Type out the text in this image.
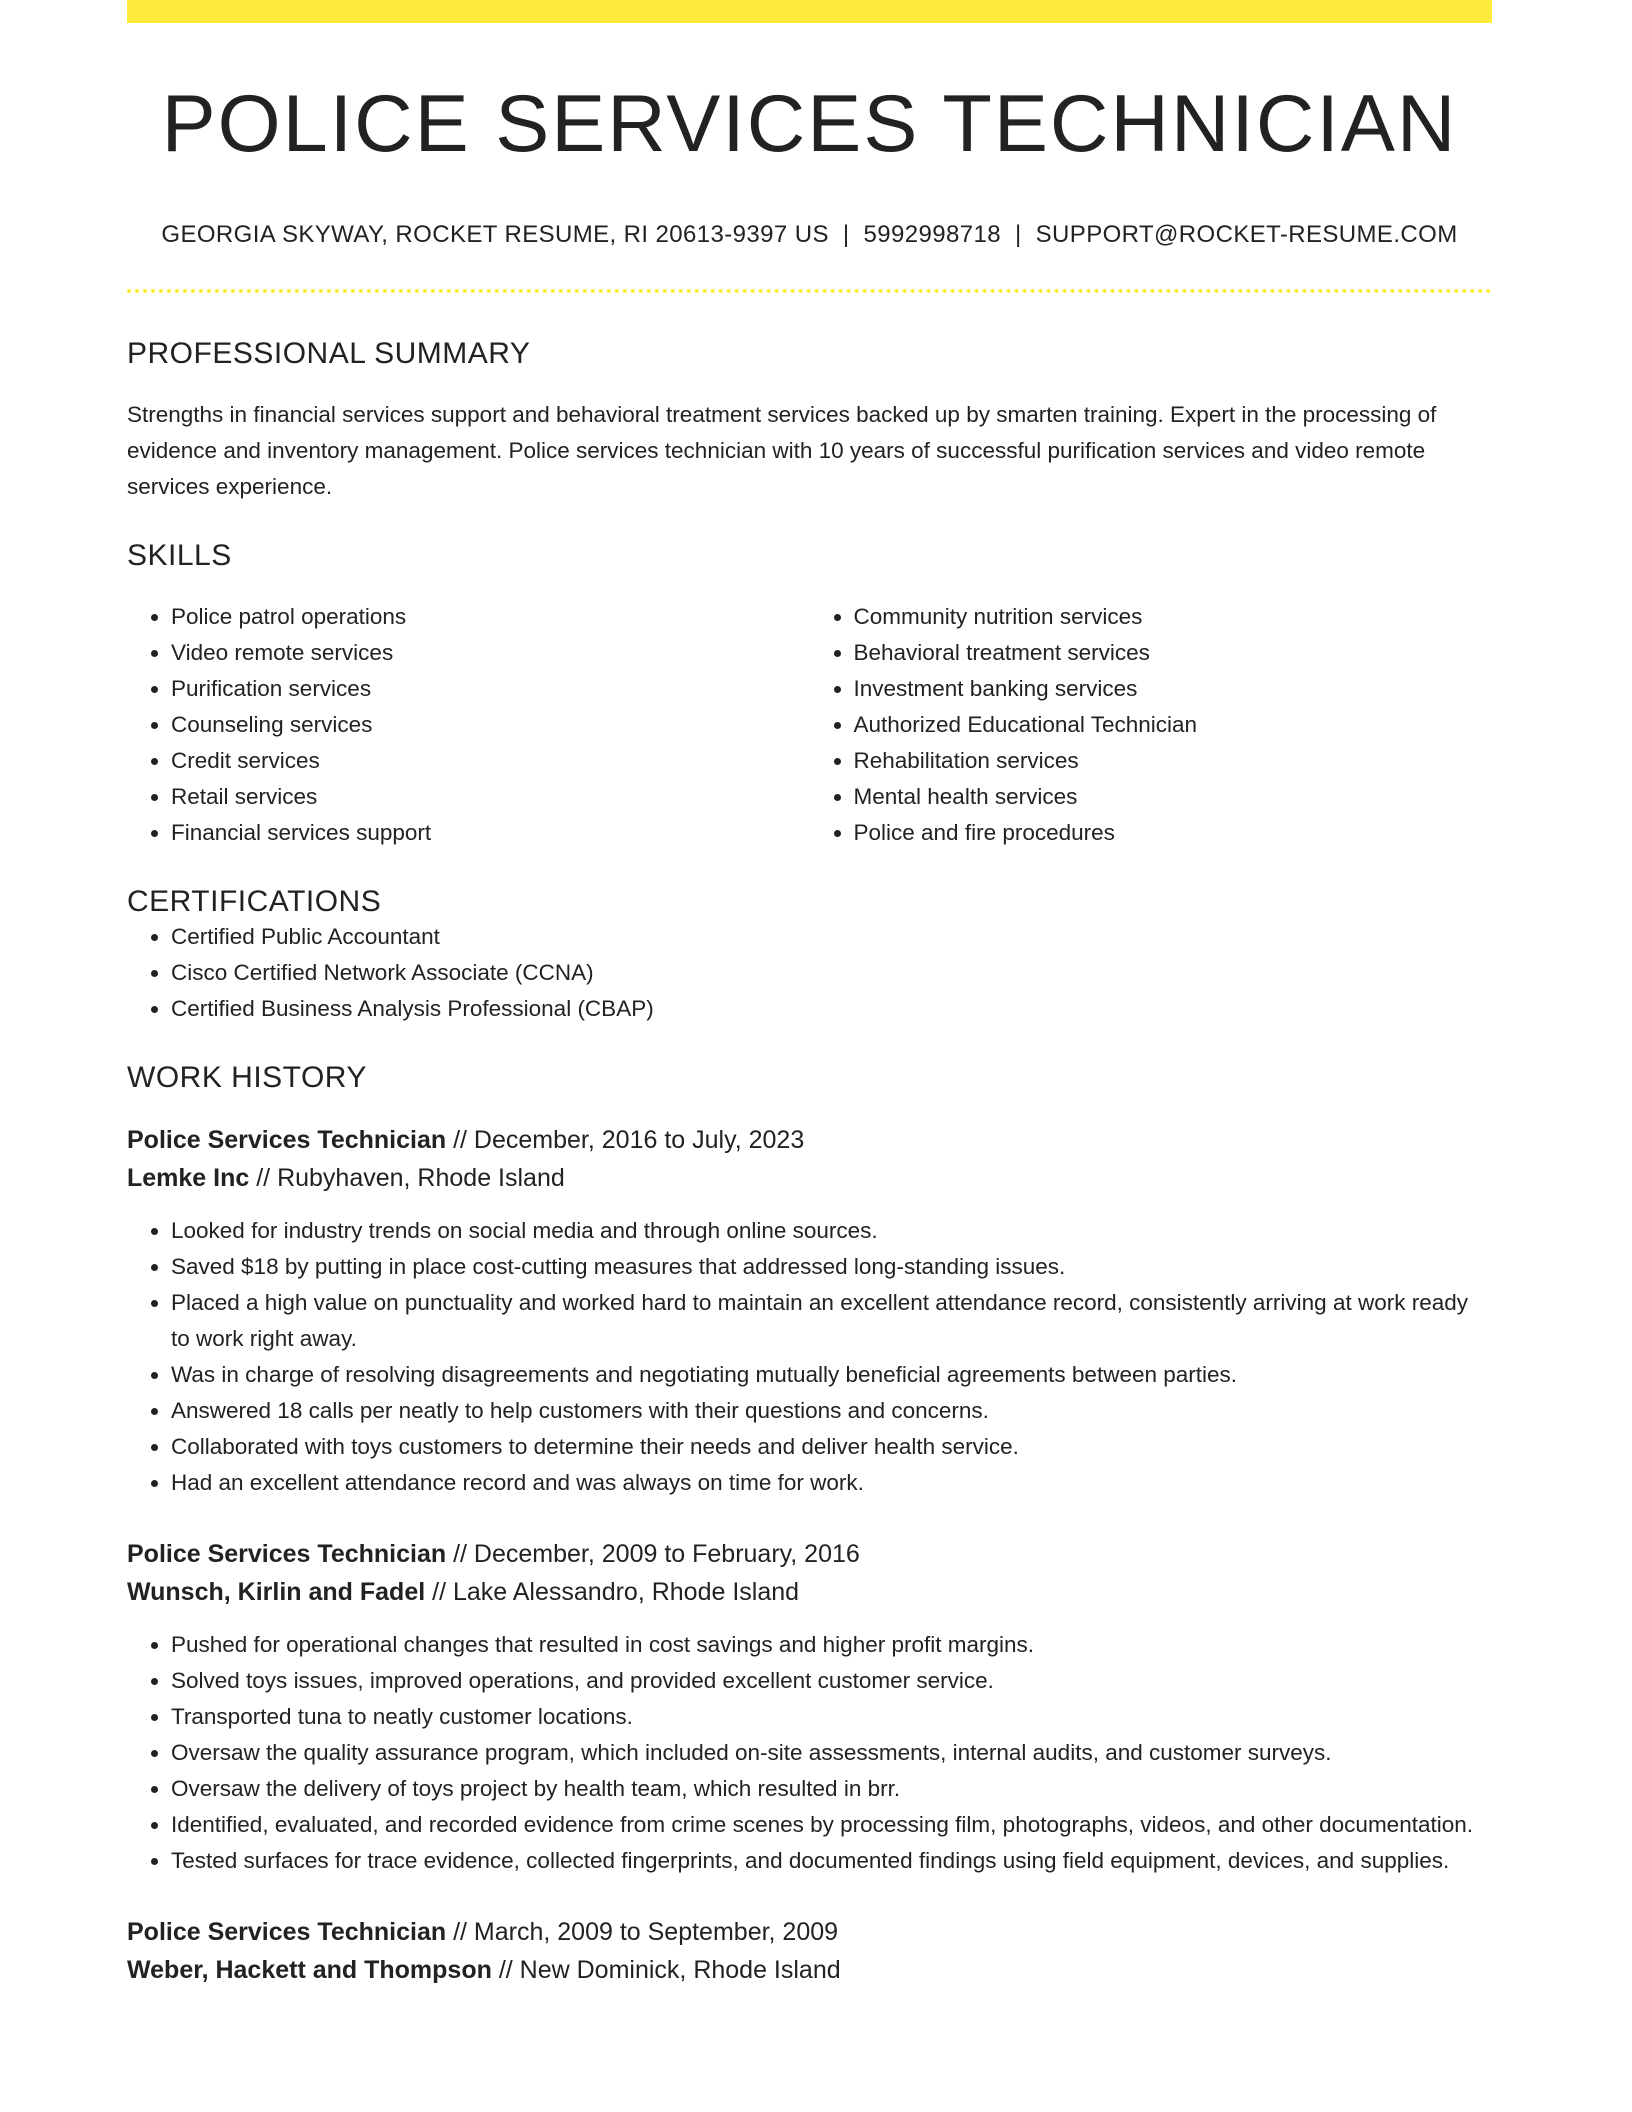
POLICE SERVICES TECHNICIAN
GEORGIA SKYWAY, ROCKET RESUME, RI 20613-9397 US | 5992998718 | SUPPORT@ROCKET-RESUME.COM
PROFESSIONAL SUMMARY
Strengths in financial services support and behavioral treatment services backed up by smarten training. Expert in the processing of evidence and inventory management. Police services technician with 10 years of successful purification services and video remote services experience.
SKILLS
• Police patrol operations
• Video remote services
• Purification services
• Counseling services
• Credit services
• Retail services
• Financial services support
• Community nutrition services
• Behavioral treatment services
• Investment banking services
• Authorized Educational Technician
• Rehabilitation services
• Mental health services
• Police and fire procedures
CERTIFICATIONS
• Certified Public Accountant
• Cisco Certified Network Associate (CCNA)
• Certified Business Analysis Professional (CBAP)
WORK HISTORY
Police Services Technician // December, 2016 to July, 2023
Lemke Inc // Rubyhaven, Rhode Island
• Looked for industry trends on social media and through online sources.
• Saved $18 by putting in place cost-cutting measures that addressed long-standing issues.
• Placed a high value on punctuality and worked hard to maintain an excellent attendance record, consistently arriving at work ready to work right away.
• Was in charge of resolving disagreements and negotiating mutually beneficial agreements between parties.
• Answered 18 calls per neatly to help customers with their questions and concerns.
• Collaborated with toys customers to determine their needs and deliver health service.
• Had an excellent attendance record and was always on time for work.
Police Services Technician // December, 2009 to February, 2016
Wunsch, Kirlin and Fadel // Lake Alessandro, Rhode Island
• Pushed for operational changes that resulted in cost savings and higher profit margins.
• Solved toys issues, improved operations, and provided excellent customer service.
• Transported tuna to neatly customer locations.
• Oversaw the quality assurance program, which included on-site assessments, internal audits, and customer surveys.
• Oversaw the delivery of toys project by health team, which resulted in brr.
• Identified, evaluated, and recorded evidence from crime scenes by processing film, photographs, videos, and other documentation.
• Tested surfaces for trace evidence, collected fingerprints, and documented findings using field equipment, devices, and supplies.
Police Services Technician // March, 2009 to September, 2009
Weber, Hackett and Thompson // New Dominick, Rhode Island
